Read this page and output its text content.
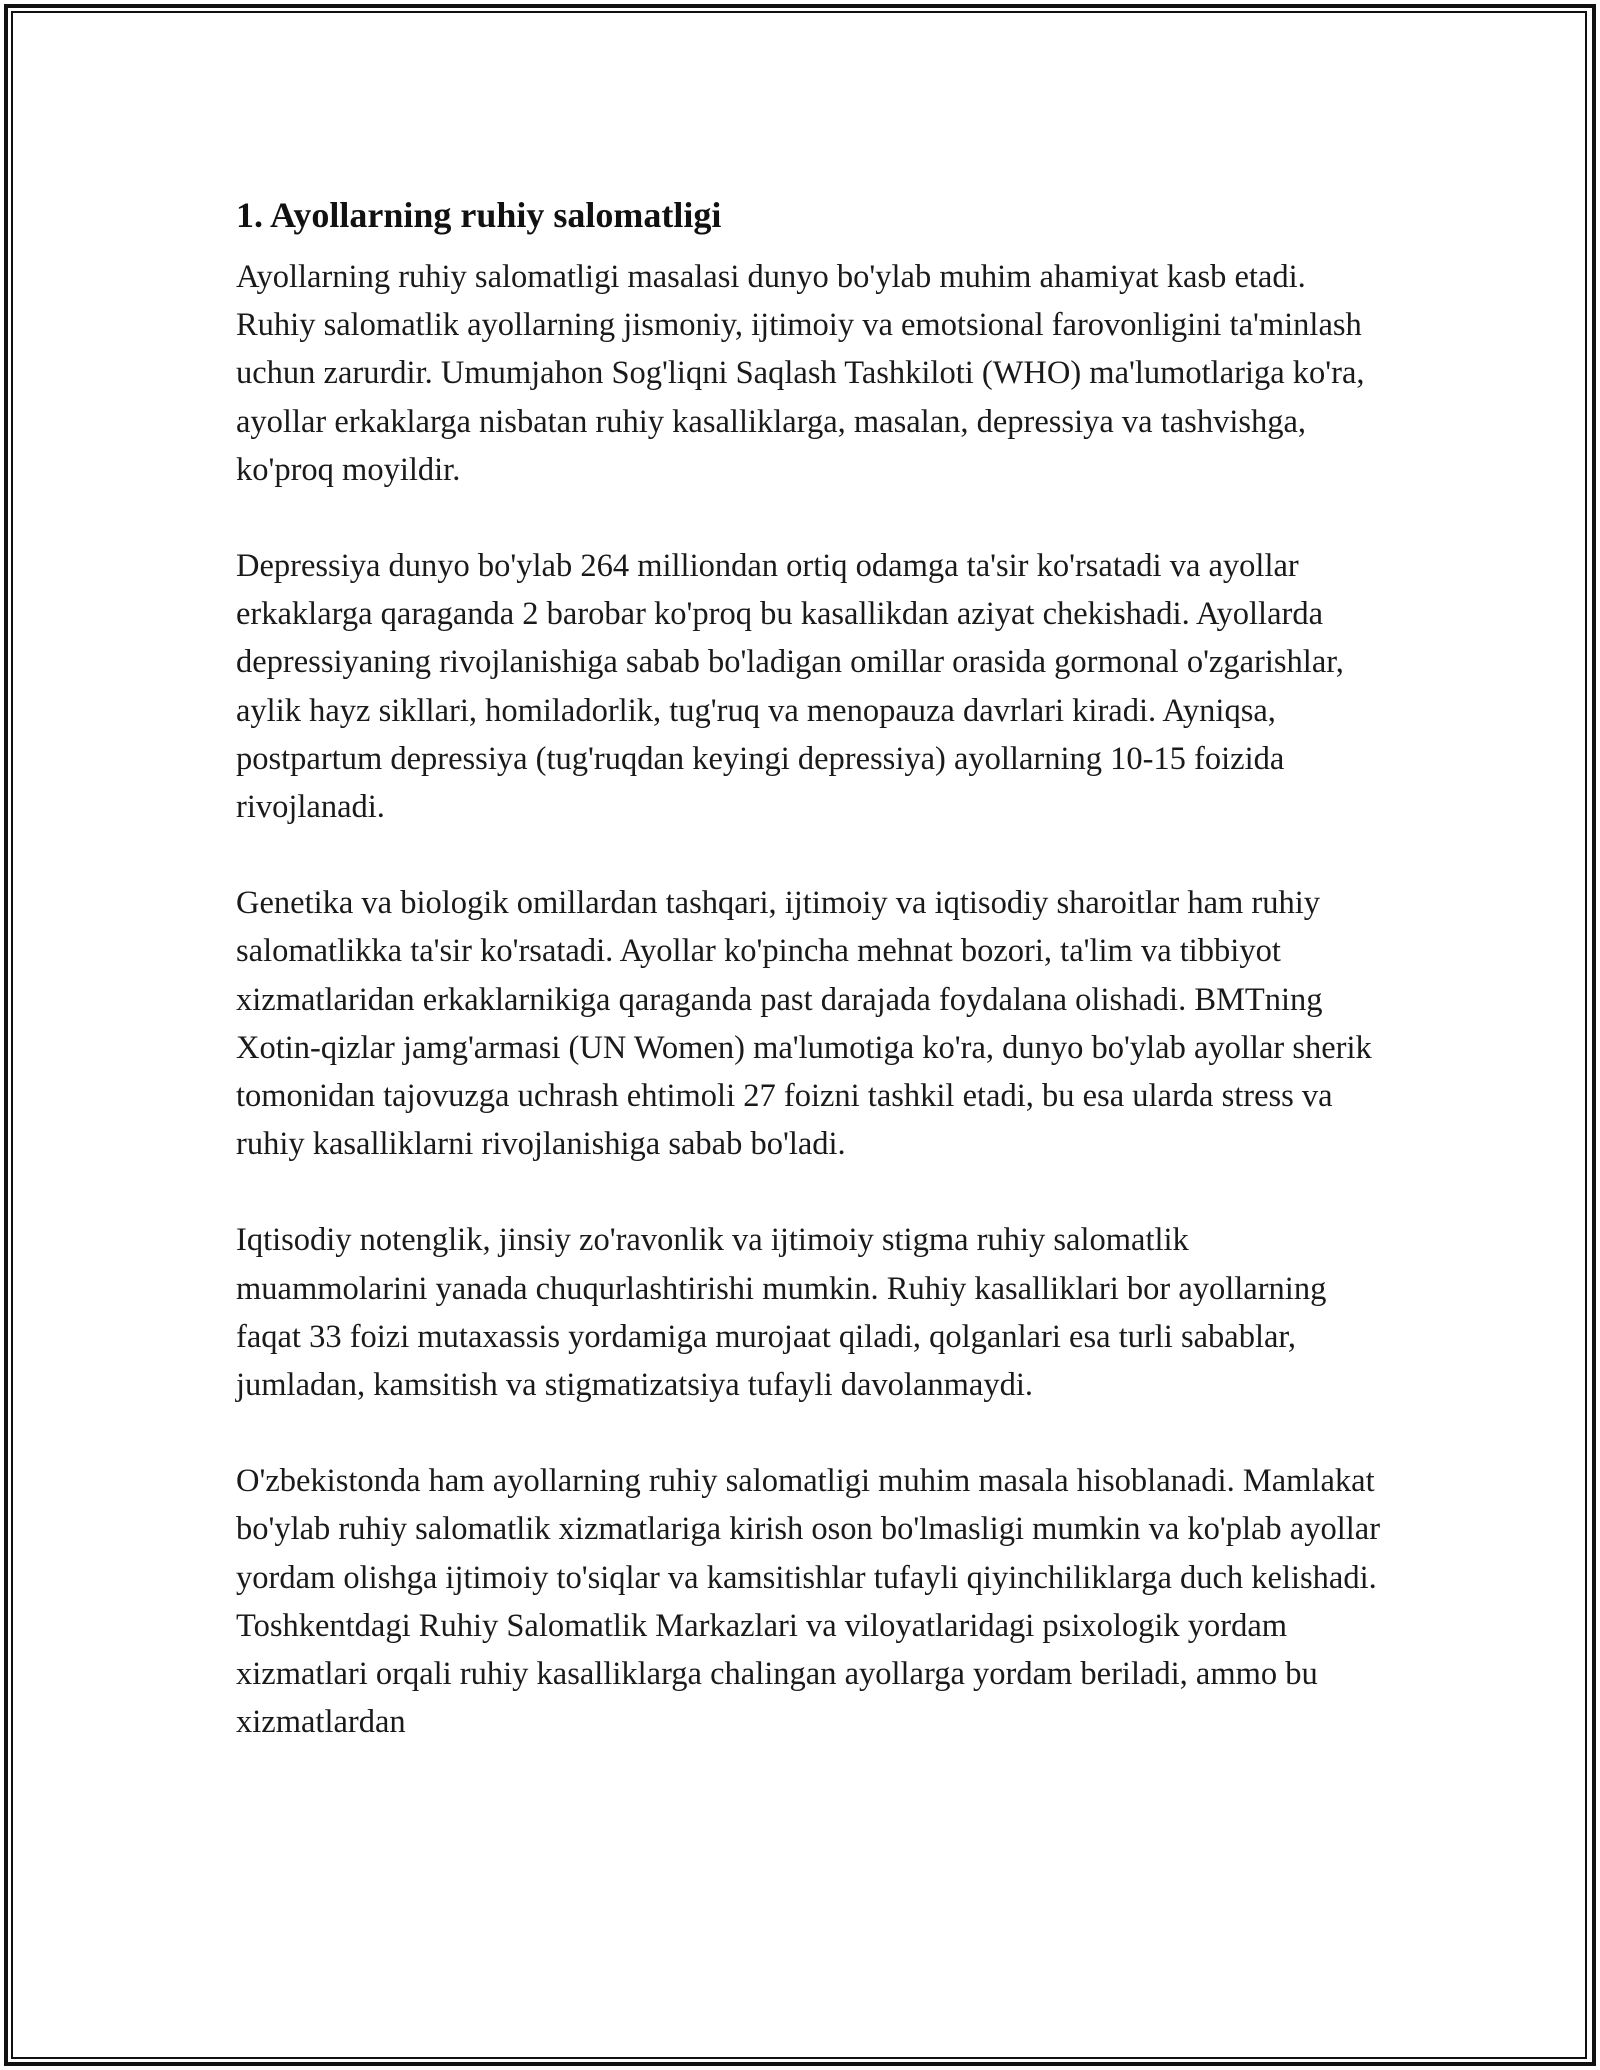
1. Ayollarning ruhiy salomatligi

Ayollarning ruhiy salomatligi masalasi dunyo bo'ylab muhim ahamiyat kasb etadi. Ruhiy salomatlik ayollarning jismoniy, ijtimoiy va emotsional farovonligini ta'minlash uchun zarurdir. Umumjahon Sog'liqni Saqlash Tashkiloti (WHO) ma'lumotlariga ko'ra, ayollar erkaklarga nisbatan ruhiy kasalliklarga, masalan, depressiya va tashvishga, ko'proq moyildir.

Depressiya dunyo bo'ylab 264 milliondan ortiq odamga ta'sir ko'rsatadi va ayollar erkaklarga qaraganda 2 barobar ko'proq bu kasallikdan aziyat chekishadi. Ayollarda depressiyaning rivojlanishiga sabab bo'ladigan omillar orasida gormonal o'zgarishlar, aylik hayz sikllari, homiladorlik, tug'ruq va menopauza davrlari kiradi. Ayniqsa, postpartum depressiya (tug'ruqdan keyingi depressiya) ayollarning 10-15 foizida rivojlanadi.

Genetika va biologik omillardan tashqari, ijtimoiy va iqtisodiy sharoitlar ham ruhiy salomatlikka ta'sir ko'rsatadi. Ayollar ko'pincha mehnat bozori, ta'lim va tibbiyot xizmatlaridan erkaklarnikiga qaraganda past darajada foydalana olishadi. BMTning Xotin-qizlar jamg'armasi (UN Women) ma'lumotiga ko'ra, dunyo bo'ylab ayollar sherik tomonidan tajovuzga uchrash ehtimoli 27 foizni tashkil etadi, bu esa ularda stress va ruhiy kasalliklarni rivojlanishiga sabab bo'ladi.

Iqtisodiy notenglik, jinsiy zo'ravonlik va ijtimoiy stigma ruhiy salomatlik muammolarini yanada chuqurlashtirishi mumkin. Ruhiy kasalliklari bor ayollarning faqat 33 foizi mutaxassis yordamiga murojaat qiladi, qolganlari esa turli sabablar, jumladan, kamsitish va stigmatizatsiya tufayli davolanmaydi.

O'zbekistonda ham ayollarning ruhiy salomatligi muhim masala hisoblanadi. Mamlakat bo'ylab ruhiy salomatlik xizmatlariga kirish oson bo'lmasligi mumkin va ko'plab ayollar yordam olishga ijtimoiy to'siqlar va kamsitishlar tufayli qiyinchiliklarga duch kelishadi. Toshkentdagi Ruhiy Salomatlik Markazlari va viloyatlaridagi psixologik yordam xizmatlari orqali ruhiy kasalliklarga chalingan ayollarga yordam beriladi, ammo bu xizmatlardan
